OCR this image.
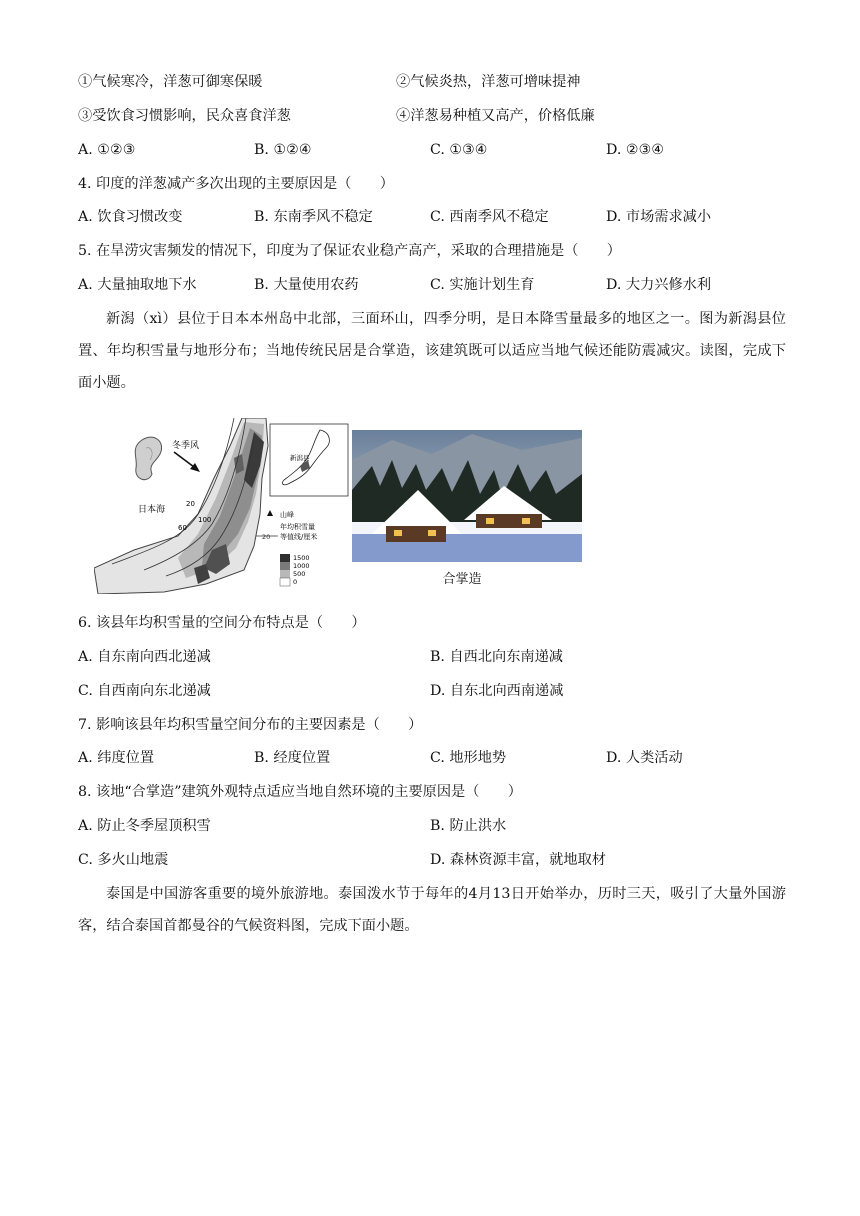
①气候寒冷，洋葱可御寒保暖	②气候炎热，洋葱可增味提神
③受饮食习惯影响，民众喜食洋葱	④洋葱易种植又高产，价格低廉
A. ①②③	B. ①②④	C. ①③④	D. ②③④
4. 印度的洋葱减产多次出现的主要原因是（　　）
A. 饮食习惯改变	B. 东南季风不稳定	C. 西南季风不稳定	D. 市场需求减小
5. 在旱涝灾害频发的情况下，印度为了保证农业稳产高产，采取的合理措施是（　　）
A. 大量抽取地下水	B. 大量使用农药	C. 实施计划生育	D. 大力兴修水利
新潟（xì）县位于日本本州岛中北部，三面环山，四季分明，是日本降雪量最多的地区之一。图为新潟县位置、年均积雪量与地形分布；当地传统民居是合掌造，该建筑既可以适应当地气候还能防震减灾。读图，完成下面小题。
20
60
100
冬季风
日本海
新潟县
山峰
年均积雪量
20 等值线/厘米
1500
1000
500
0	合掌造
6. 该县年均积雪量的空间分布特点是（　　）
A. 自东南向西北递减	B. 自西北向东南递减
C. 自西南向东北递减	D. 自东北向西南递减
7. 影响该县年均积雪量空间分布的主要因素是（　　）
A. 纬度位置	B. 经度位置	C. 地形地势	D. 人类活动
8. 该地“合掌造”建筑外观特点适应当地自然环境的主要原因是（　　）
A. 防止冬季屋顶积雪	B. 防止洪水
C. 多火山地震	D. 森林资源丰富，就地取材
泰国是中国游客重要的境外旅游地。泰国泼水节于每年的4月13日开始举办，历时三天，吸引了大量外国游客，结合泰国首都曼谷的气候资料图，完成下面小题。
